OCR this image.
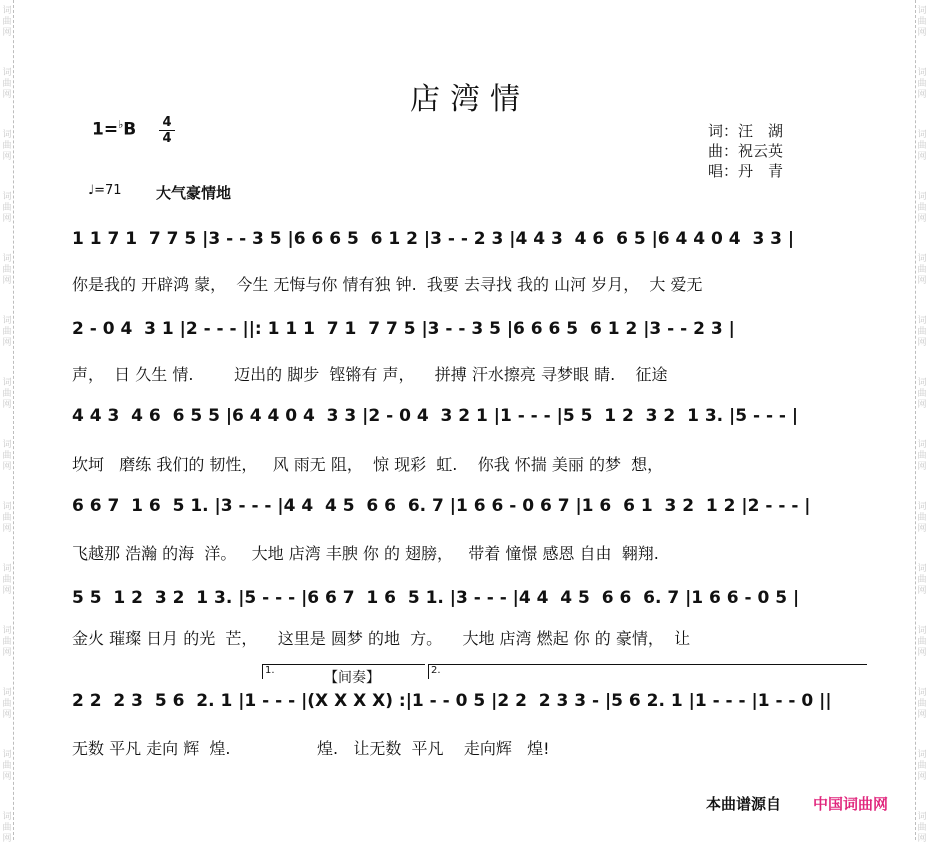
词
曲
网
词
曲
网
词
曲
网
词
曲
网
词
曲
网
词
曲
网
词
曲
网
词
曲
网
词
曲
网
词
曲
网
词
曲
网
词
曲
网
词
曲
网
词
曲
网
词
曲
网
词
曲
网
词
曲
网
词
曲
网
词
曲
网
词
曲
网
词
曲
网
词
曲
网
词
曲
网
词
曲
网
词
曲
网
词
曲
网
词
曲
网
词
曲
网
店湾情
1=♭B 4
4
♩=71 大气豪情地
词：汪　湖
曲：祝云英
唱：丹　青
1 1 7 1  7 7 5 |3 - - 3 5 |6 6 6 5  6 1 2 |3 - - 2 3 |4 4 3  4 6  6 5 |6 4 4 0 4  3 3 |
你是我的 开辟鸿 蒙，  今生 无悔与你 情有独 钟.  我要 去寻找 我的 山河 岁月，  大 爱无
2 - 0 4  3 1 |2 - - - ||: 1 1 1  7 1  7 7 5 |3 - - 3 5 |6 6 6 5  6 1 2 |3 - - 2 3 |
声，  日 久生 情.        迈出的 脚步  铿锵有 声，    拼搏 汗水擦亮 寻梦眼 睛.    征途
4 4 3  4 6  6 5 5 |6 4 4 0 4  3 3 |2 - 0 4  3 2 1 |1 - - - |5 5  1 2  3 2  1 3. |5 - - - |
坎坷   磨练 我们的 韧性，   风 雨无 阻，  惊 现彩  虹.    你我 怀揣 美丽 的梦  想，
6 6 7  1 6  5 1. |3 - - - |4 4  4 5  6 6  6. 7 |1 6 6 - 0 6 7 |1 6  6 1  3 2  1 2 |2 - - - |
飞越那 浩瀚 的海  洋。   大地 店湾 丰腴 你 的 翅膀，   带着 憧憬 感恩 自由  翱翔.
5 5  1 2  3 2  1 3. |5 - - - |6 6 7  1 6  5 1. |3 - - - |4 4  4 5  6 6  6. 7 |1 6 6 - 0 5 |
金火 璀璨 日月 的光  芒，    这里是 圆梦 的地  方。    大地 店湾 燃起 你 的 豪情，  让
1.	2.
【间奏】
2 2  2 3  5 6  2. 1 |1 - - - |(X X X X) :|1 - - 0 5 |2 2  2 3 3 - |5 6 2. 1 |1 - - - |1 - - 0 ||
无数 平凡 走向 辉  煌.                 煌.   让无数  平凡    走向辉   煌!
本曲谱源自 中国词曲网
